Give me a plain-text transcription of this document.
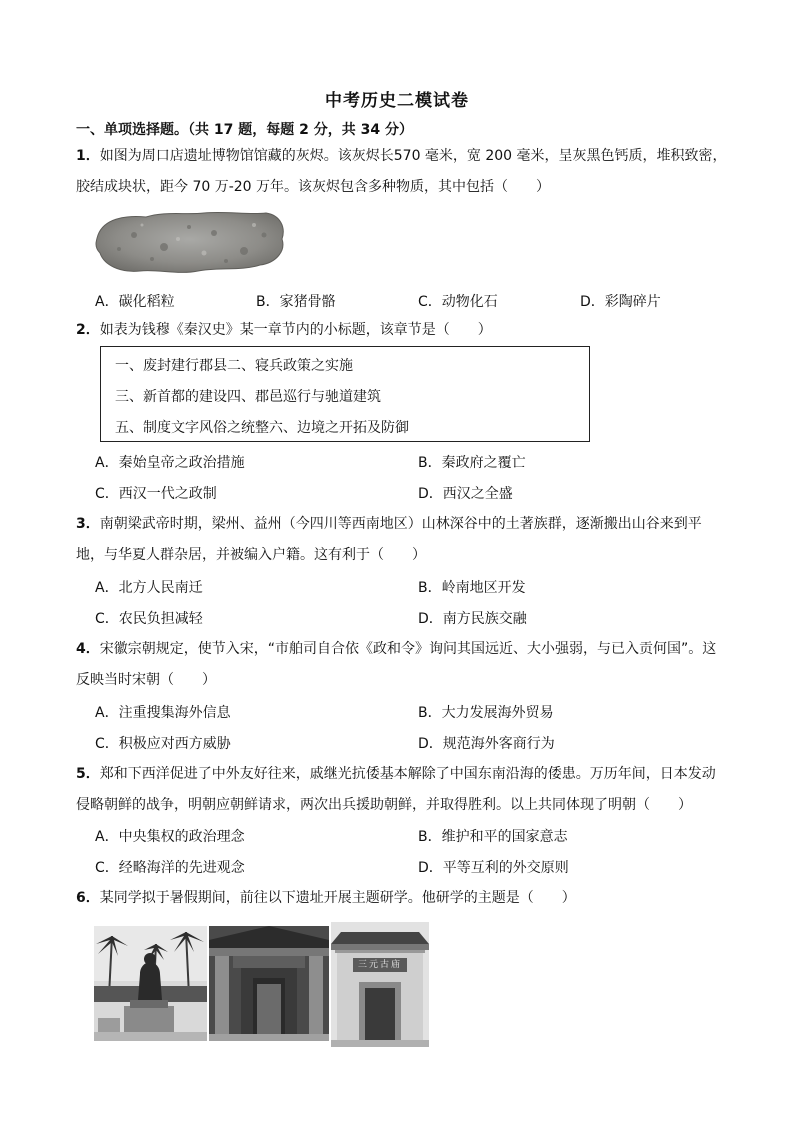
中考历史二模试卷
一、单项选择题。（共 17 题，每题 2 分，共 34 分）
1．如图为周口店遗址博物馆馆藏的灰烬。该灰烬长570 毫米，宽 200 毫米，呈灰黑色钙质，堆积致密，
胶结成块状，距今 70 万-20 万年。该灰烬包含多种物质，其中包括（　　）
A．碳化稻粒	B．家猪骨骼	C．动物化石	D．彩陶碎片
2．如表为钱穆《秦汉史》某一章节内的小标题，该章节是（　　）
一、废封建行郡县二、寝兵政策之实施
三、新首都的建设四、郡邑巡行与驰道建筑
五、制度文字风俗之统整六、边境之开拓及防御
A．秦始皇帝之政治措施	B．秦政府之覆亡
C．西汉一代之政制	D．西汉之全盛
3．南朝梁武帝时期，梁州、益州（今四川等西南地区）山林深谷中的土著族群，逐渐搬出山谷来到平
地，与华夏人群杂居，并被编入户籍。这有利于（　　）
A．北方人民南迁	B．岭南地区开发
C．农民负担减轻	D．南方民族交融
4．宋徽宗朝规定，使节入宋，“市舶司自合依《政和令》询问其国远近、大小强弱，与已入贡何国”。这
反映当时宋朝（　　）
A．注重搜集海外信息	B．大力发展海外贸易
C．积极应对西方威胁	D．规范海外客商行为
5．郑和下西洋促进了中外友好往来，戚继光抗倭基本解除了中国东南沿海的倭患。万历年间，日本发动
侵略朝鲜的战争，明朝应朝鲜请求，两次出兵援助朝鲜，并取得胜利。以上共同体现了明朝（　　）
A．中央集权的政治理念	B．维护和平的国家意志
C．经略海洋的先进观念	D．平等互利的外交原则
6．某同学拟于暑假期间，前往以下遗址开展主题研学。他研学的主题是（　　）
三元古庙
